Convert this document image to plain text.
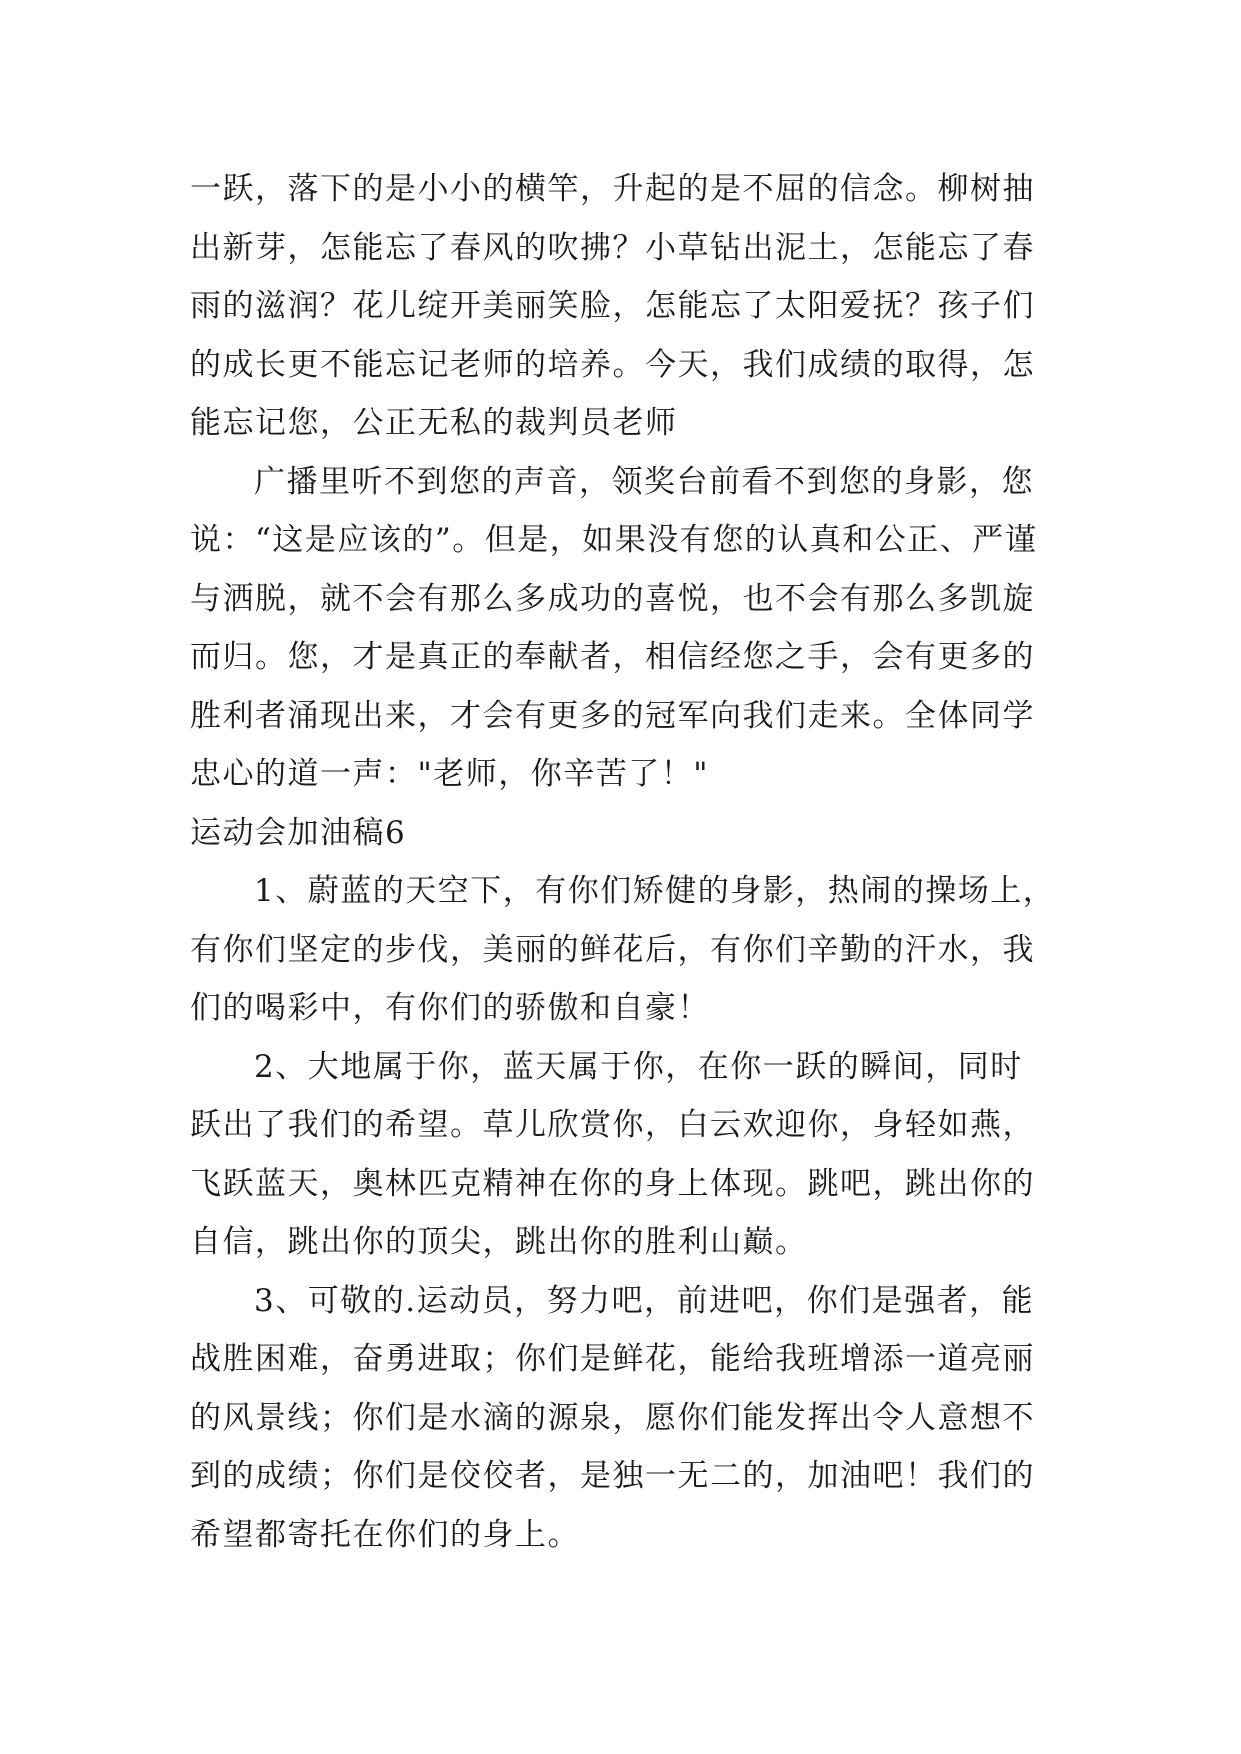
一跃，落下的是小小的横竿，升起的是不屈的信念。柳树抽
出新芽，怎能忘了春风的吹拂？小草钻出泥土，怎能忘了春
雨的滋润？花儿绽开美丽笑脸，怎能忘了太阳爱抚？孩子们
的成长更不能忘记老师的培养。今天，我们成绩的取得，怎
能忘记您，公正无私的裁判员老师
广播里听不到您的声音，领奖台前看不到您的身影，您
说：“这是应该的”。但是，如果没有您的认真和公正、严谨
与洒脱，就不会有那么多成功的喜悦，也不会有那么多凯旋
而归。您，才是真正的奉献者，相信经您之手，会有更多的
胜利者涌现出来，才会有更多的冠军向我们走来。全体同学
忠心的道一声："老师，你辛苦了！"
运动会加油稿6
1、蔚蓝的天空下，有你们矫健的身影，热闹的操场上，
有你们坚定的步伐，美丽的鲜花后，有你们辛勤的汗水，我
们的喝彩中，有你们的骄傲和自豪！
2、大地属于你，蓝天属于你，在你一跃的瞬间，同时
跃出了我们的希望。草儿欣赏你，白云欢迎你，身轻如燕，
飞跃蓝天，奥林匹克精神在你的身上体现。跳吧，跳出你的
自信，跳出你的顶尖，跳出你的胜利山巅。
3、可敬的.运动员，努力吧，前进吧，你们是强者，能
战胜困难，奋勇进取；你们是鲜花，能给我班增添一道亮丽
的风景线；你们是水滴的源泉，愿你们能发挥出令人意想不
到的成绩；你们是佼佼者，是独一无二的，加油吧！我们的
希望都寄托在你们的身上。
